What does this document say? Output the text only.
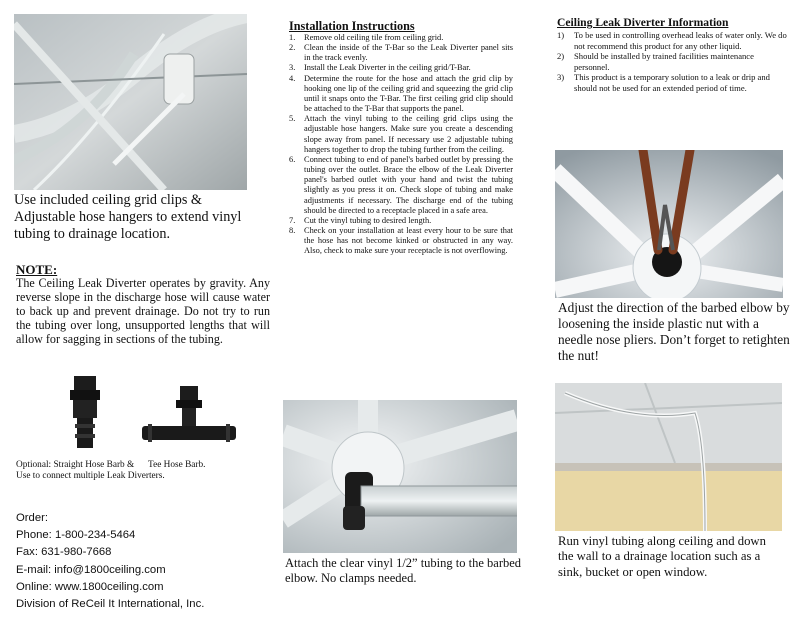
Use included ceiling grid clips & Adjustable hose hangers to extend vinyl tubing to drainage location.
NOTE:
The Ceiling Leak Diverter operates by gravity. Any reverse slope in the discharge hose will cause water to back up and prevent drainage. Do not try to run the tubing over long, unsupported lengths that will allow for sagging in sections of the tubing.
Optional: Straight Hose Barb &      Tee Hose Barb.
Use to connect multiple Leak Diverters.
Order:
Phone: 1-800-234-5464
Fax: 631-980-7668
E-mail: info@1800ceiling.com
Online: www.1800ceiling.com
Division of ReCeil It International, Inc.
Installation Instructions
1. Remove old ceiling tile from ceiling grid.
2. Clean the inside of the T-Bar so the Leak Diverter panel sits in the track evenly.
3. Install the Leak Diverter in the ceiling grid/T-Bar.
4. Determine the route for the hose and attach the grid clip by hooking one lip of the ceiling grid and squeezing the grid clip until it snaps onto the T-Bar. The first ceiling grid clip should be attached to the T-Bar that supports the panel.
5. Attach the vinyl tubing to the ceiling grid clips using the adjustable hose hangers. Make sure you create a descending slope away from panel. If necessary use 2 adjustable tubing hangers together to drop the tubing further from the ceiling.
6. Connect tubing to end of panel's barbed outlet by pressing the tubing over the outlet. Brace the elbow of the Leak Diverter panel's barbed outlet with your hand and twist the tubing slightly as you press it on. Check slope of tubing and make adjustments if necessary. The discharge end of the tubing should be directed to a receptacle placed in a safe area.
7. Cut the vinyl tubing to desired length.
8. Check on your installation at least every hour to be sure that the hose has not become kinked or obstructed in any way. Also, check to make sure your receptacle is not overflowing.
Attach the clear vinyl 1/2” tubing to the barbed elbow. No clamps needed.
Ceiling Leak Diverter Information
1) To be used in controlling overhead leaks of water only. We do not recommend this product for any other liquid.
2) Should be installed by trained facilities maintenance personnel.
3) This product is a temporary solution to a leak or drip and should not be used for an extended period of time.
Adjust the direction of the barbed elbow by loosening the inside plastic nut with a needle nose pliers. Don’t forget to retighten the nut!
Run vinyl tubing along ceiling and down the wall to a drainage location such as a sink, bucket or open window.
